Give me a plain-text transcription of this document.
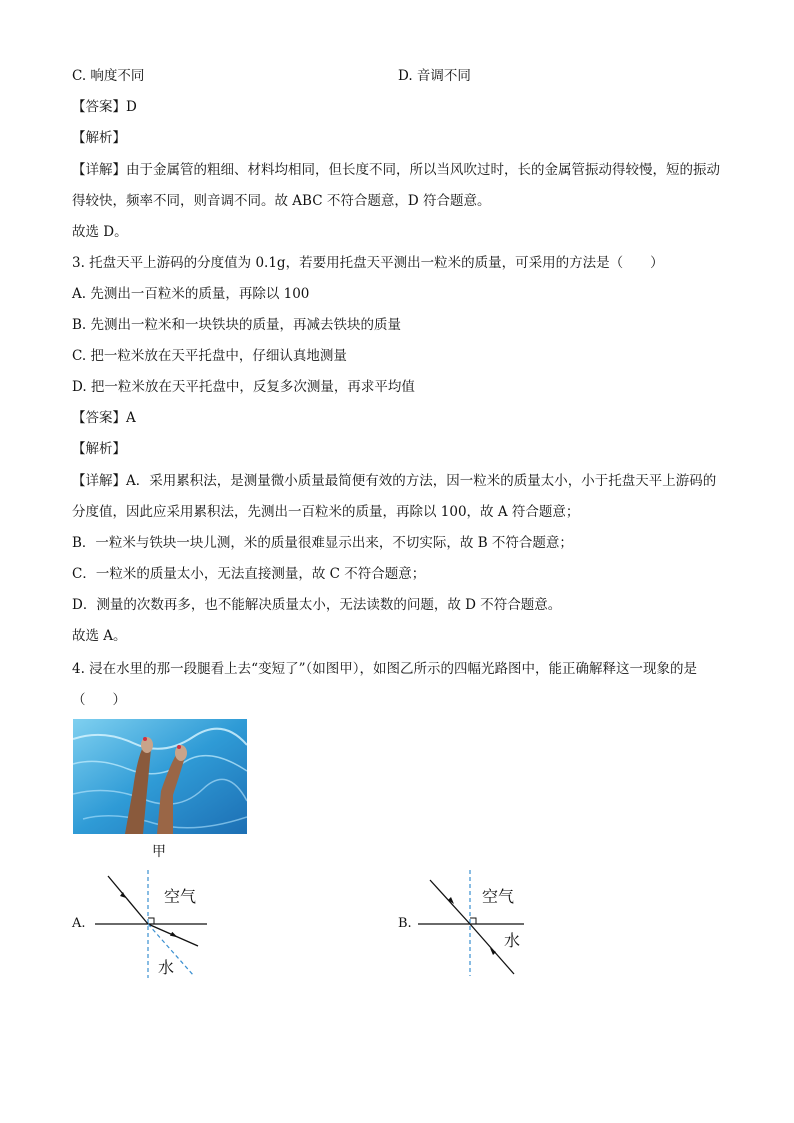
C. 响度不同	D. 音调不同
【答案】D
【解析】
【详解】由于金属管的粗细、材料均相同，但长度不同，所以当风吹过时，长的金属管振动得较慢，短的振动得较快，频率不同，则音调不同。故 ABC 不符合题意，D 符合题意。
故选 D。
3. 托盘天平上游码的分度值为 0.1g，若要用托盘天平测出一粒米的质量，可采用的方法是（　　）
A. 先测出一百粒米的质量，再除以 100
B. 先测出一粒米和一块铁块的质量，再减去铁块的质量
C. 把一粒米放在天平托盘中，仔细认真地测量
D. 把一粒米放在天平托盘中，反复多次测量，再求平均值
【答案】A
【解析】
【详解】A．采用累积法，是测量微小质量最简便有效的方法，因一粒米的质量太小，小于托盘天平上游码的分度值，因此应采用累积法，先测出一百粒米的质量，再除以 100，故 A 符合题意；
B．一粒米与铁块一块儿测，米的质量很难显示出来，不切实际，故 B 不符合题意；
C．一粒米的质量太小，无法直接测量，故 C 不符合题意；
D．测量的次数再多，也不能解决质量太小，无法读数的问题，故 D 不符合题意。
故选 A。
4. 浸在水里的那一段腿看上去“变短了”（如图甲），如图乙所示的四幅光路图中，能正确解释这一现象的是（　　）
甲
A.
空气
水
B.
空气
水
